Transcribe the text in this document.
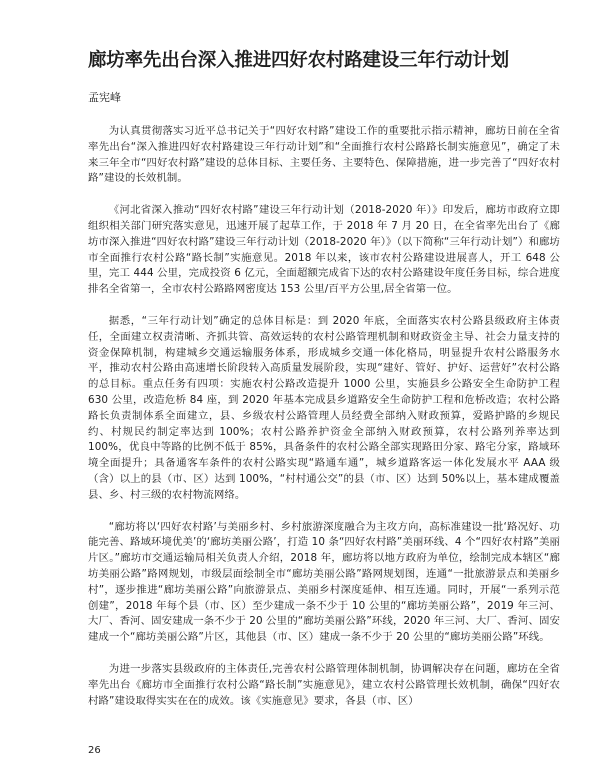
廊坊率先出台深入推进四好农村路建设三年行动计划
孟宪峰

为认真贯彻落实习近平总书记关于“四好农村路”建设工作的重要批示指示精神，廊坊日前在全省率先出台“深入推进四好农村路建设三年行动计划”和“全面推行农村公路路长制实施意见”，确定了未来三年全市“四好农村路”建设的总体目标、主要任务、主要特色、保障措施，进一步完善了“四好农村路”建设的长效机制。

《河北省深入推动“四好农村路”建设三年行动计划（2018-2020 年）》印发后，廊坊市政府立即组织相关部门研究落实意见，迅速开展了起草工作，于 2018 年 7 月 20 日，在全省率先出台了《廊坊市深入推进“四好农村路”建设三年行动计划（2018-2020 年）》（以下简称“三年行动计划”）和廊坊市全面推行农村公路“路长制”实施意见。2018 年以来，该市农村公路建设进展喜人，开工 648 公里，完工 444 公里，完成投资 6 亿元，全面超额完成省下达的农村公路建设年度任务目标，综合进度排名全省第一，全市农村公路路网密度达 153 公里/百平方公里,居全省第一位。

据悉，“三年行动计划”确定的总体目标是：到 2020 年底，全面落实农村公路县级政府主体责任，全面建立权责清晰、齐抓共管、高效运转的农村公路管理机制和财政资金主导、社会力量支持的资金保障机制，构建城乡交通运输服务体系，形成城乡交通一体化格局，明显提升农村公路服务水平，推动农村公路由高速增长阶段转入高质量发展阶段，实现“建好、管好、护好、运营好”农村公路的总目标。重点任务有四项：实施农村公路改造提升 1000 公里，实施县乡公路安全生命防护工程 630 公里，改造危桥 84 座，到 2020 年基本完成县乡道路安全生命防护工程和危桥改造；农村公路路长负责制体系全面建立，县、乡级农村公路管理人员经费全部纳入财政预算，爱路护路的乡规民约、村规民约制定率达到 100%；农村公路养护资金全部纳入财政预算，农村公路列养率达到 100%，优良中等路的比例不低于 85%，具备条件的农村公路全部实现路田分家、路宅分家，路域环境全面提升；具备通客车条件的农村公路实现“路通车通”，城乡道路客运一体化发展水平 AAA 级（含）以上的县（市、区）达到 100%，“村村通公交”的县（市、区）达到 50%以上，基本建成覆盖县、乡、村三级的农村物流网络。

“廊坊将以‘四好农村路’与美丽乡村、乡村旅游深度融合为主攻方向，高标准建设一批‘路况好、功能完善、路域环境优美’的‘廊坊美丽公路’，打造 10 条“四好农村路”美丽环线、4 个“四好农村路”美丽片区。”廊坊市交通运输局相关负责人介绍，2018 年，廊坊将以地方政府为单位，绘制完成本辖区“廊坊美丽公路”路网规划，市级层面绘制全市“廊坊美丽公路”路网规划图，连通“一批旅游景点和美丽乡村”，逐步推进“廊坊美丽公路”向旅游景点、美丽乡村深度延伸、相互连通。同时，开展“一系列示范创建”，2018 年每个县（市、区）至少建成一条不少于 10 公里的“廊坊美丽公路”，2019 年三河、大厂、香河、固安建成一条不少于 20 公里的“廊坊美丽公路”环线，2020 年三河、大厂、香河、固安建成一个“廊坊美丽公路”片区，其他县（市、区）建成一条不少于 20 公里的“廊坊美丽公路”环线。

为进一步落实县级政府的主体责任,完善农村公路管理体制机制，协调解决存在问题，廊坊在全省率先出台《廊坊市全面推行农村公路“路长制”实施意见》，建立农村公路管理长效机制，确保“四好农村路”建设取得实实在在的成效。该《实施意见》要求，各县（市、区）

26
